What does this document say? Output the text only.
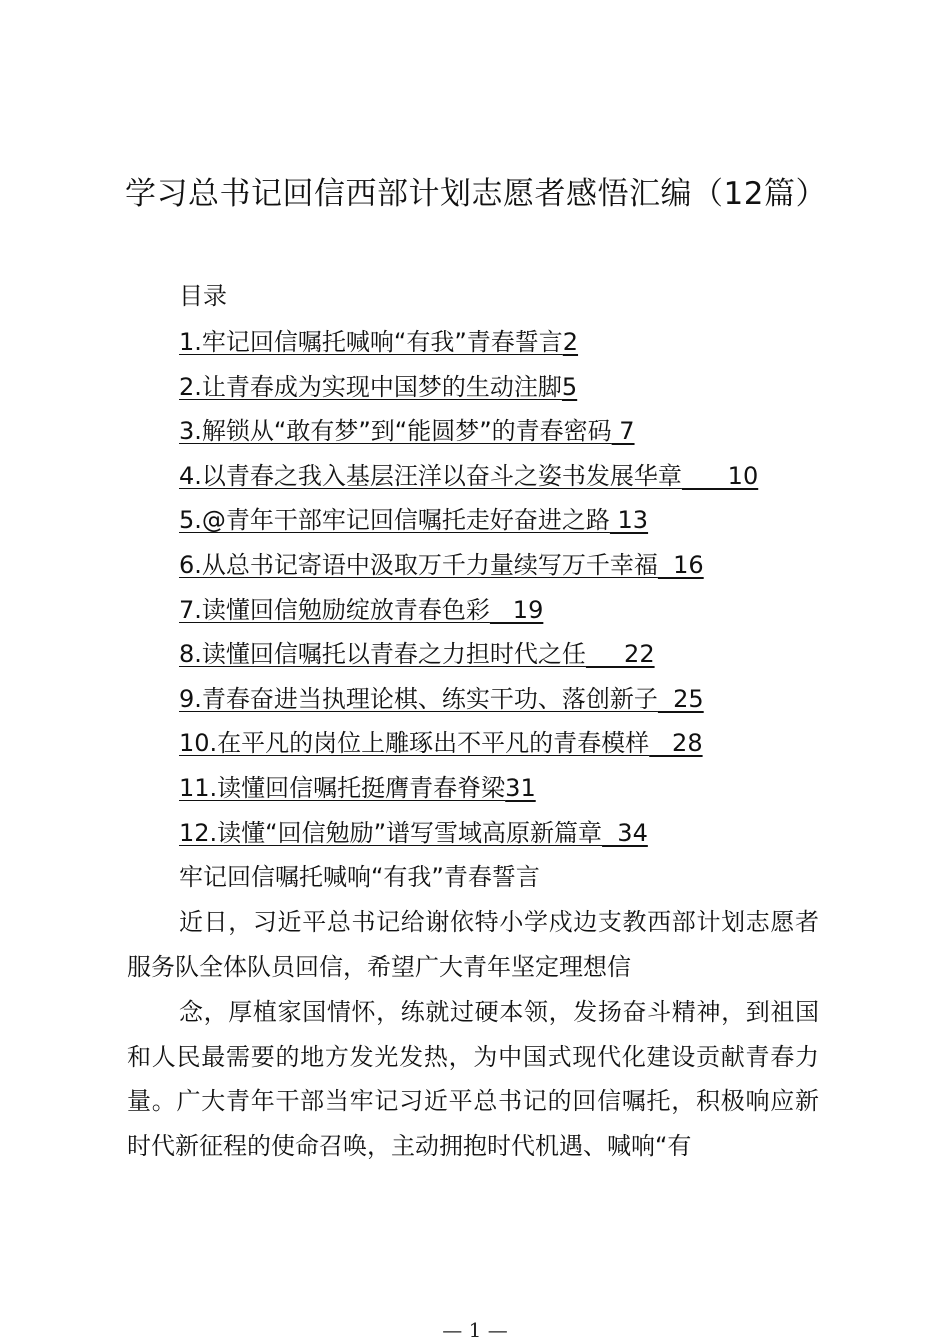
学习总书记回信西部计划志愿者感悟汇编（12篇）
目录
1.牢记回信嘱托喊响“有我”青春誓言2
2.让青春成为实现中国梦的生动注脚5
3.解锁从“敢有梦”到“能圆梦”的青春密码 7
4.以青春之我入基层汪洋以奋斗之姿书发展华章      10
5.@青年干部牢记回信嘱托走好奋进之路 13
6.从总书记寄语中汲取万千力量续写万千幸福  16
7.读懂回信勉励绽放青春色彩   19
8.读懂回信嘱托以青春之力担时代之任     22
9.青春奋进当执理论棋、练实干功、落创新子  25
10.在平凡的岗位上雕琢出不平凡的青春模样   28
11.读懂回信嘱托挺膺青春脊梁31
12.读懂“回信勉励”谱写雪域高原新篇章  34
牢记回信嘱托喊响“有我”青春誓言

近日，习近平总书记给谢依特小学戍边支教西部计划志愿者服务队全体队员回信，希望广大青年坚定理想信

念，厚植家国情怀，练就过硬本领，发扬奋斗精神，到祖国和人民最需要的地方发光发热，为中国式现代化建设贡献青春力量。广大青年干部当牢记习近平总书记的回信嘱托，积极响应新时代新征程的使命召唤，主动拥抱时代机遇、喊响“有

— 1 —
